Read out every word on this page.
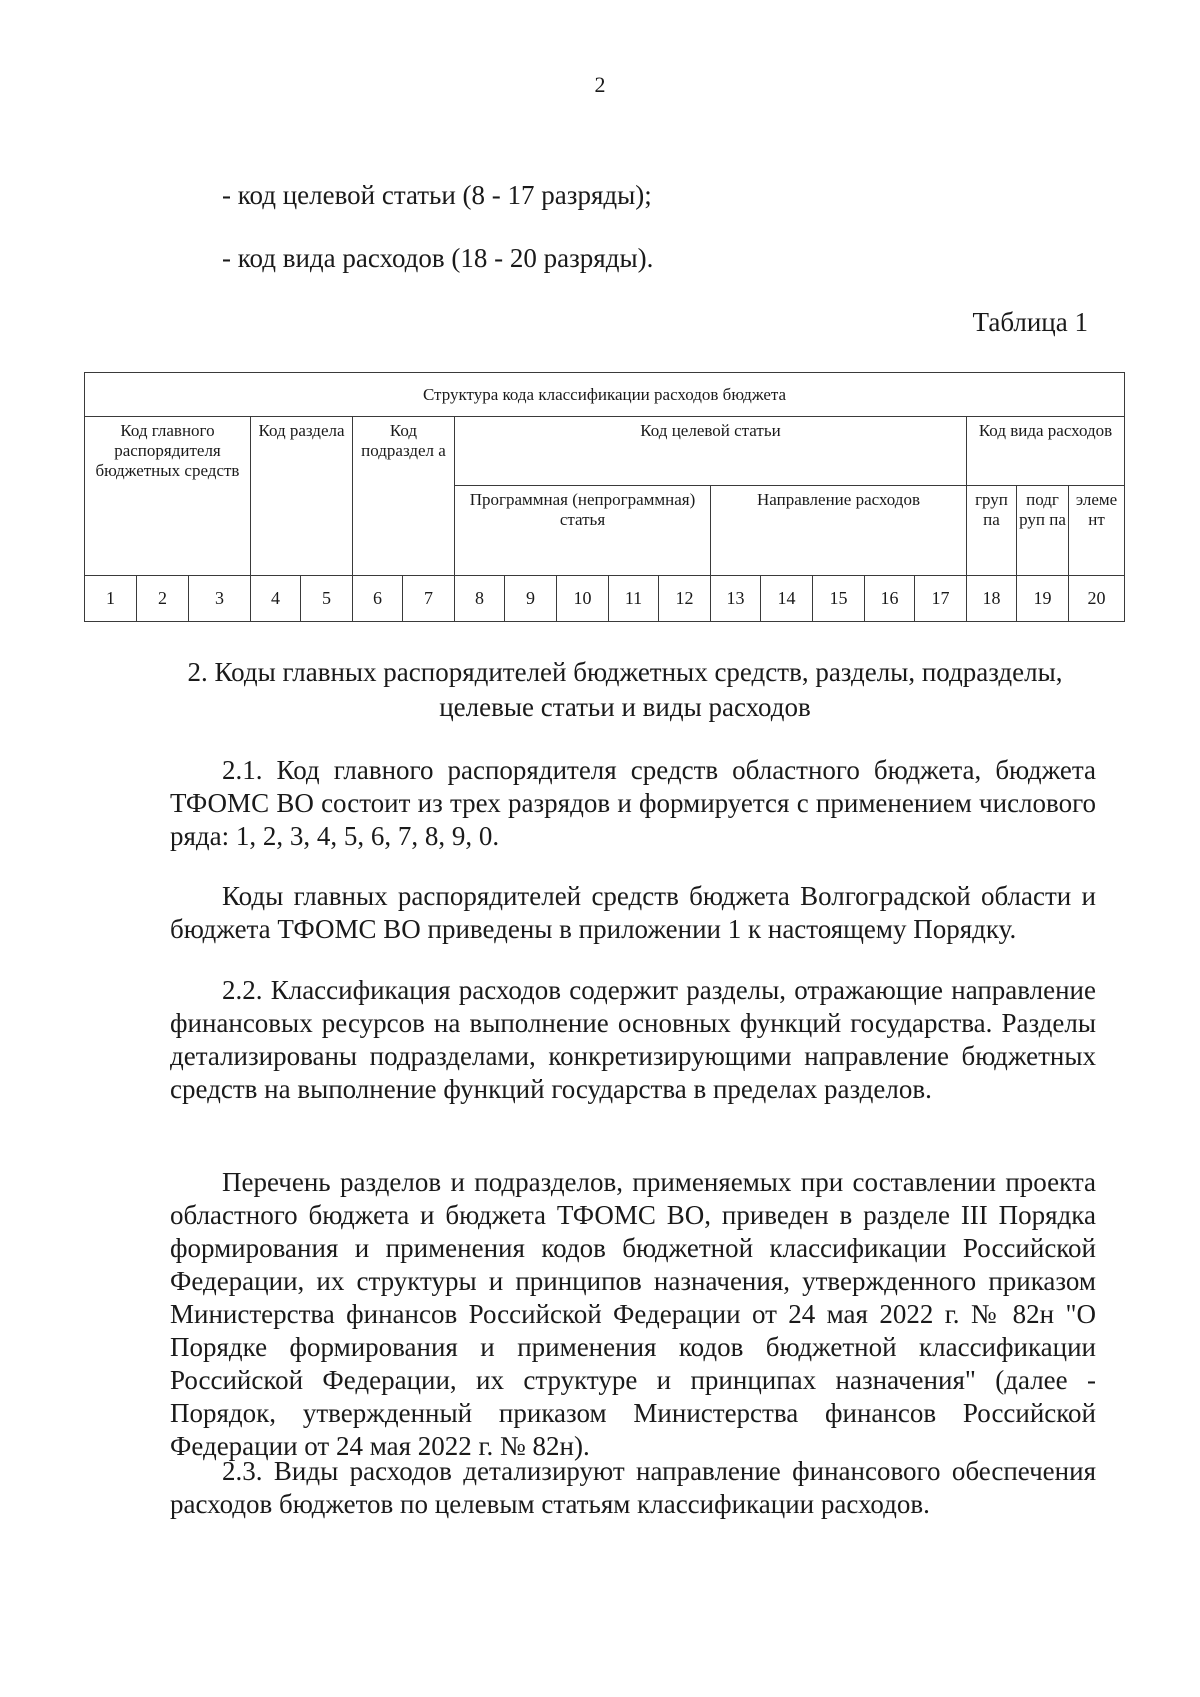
2
- код целевой статьи (8 - 17 разряды);
- код вида расходов (18 - 20 разряды).
Таблица 1
Структура кода классификации расходов бюджета																			
Код главного распорядителя бюджетных средств			Код раздела		Код подраздел а		Код целевой статьи										Код вида расходов		
							Программная (непрограммная) статья					Направление расходов					груп па	подг руп па	элеме нт
1	2	3	4	5	6	7	8	9	10	11	12	13	14	15	16	17	18	19	20
2. Коды главных распорядителей бюджетных средств, разделы, подразделы, целевые статьи и виды расходов

2.1. Код главного распорядителя средств областного бюджета, бюджета ТФОМС ВО состоит из трех разрядов и формируется с применением числового ряда: 1, 2, 3, 4, 5, 6, 7, 8, 9, 0.

Коды главных распорядителей средств бюджета Волгоградской области и бюджета ТФОМС ВО приведены в приложении 1 к настоящему Порядку.

2.2. Классификация расходов содержит разделы, отражающие направление финансовых ресурсов на выполнение основных функций государства. Разделы детализированы подразделами, конкретизирующими направление бюджетных средств на выполнение функций государства в пределах разделов.

Перечень разделов и подразделов, применяемых при составлении проекта областного бюджета и бюджета ТФОМС ВО, приведен в разделе III Порядка формирования и применения кодов бюджетной классификации Российской Федерации, их структуры и принципов назначения, утвержденного приказом Министерства финансов Российской Федерации от 24 мая 2022 г. № 82н "О Порядке формирования и применения кодов бюджетной классификации Российской Федерации, их структуре и принципах назначения" (далее - Порядок, утвержденный приказом Министерства финансов Российской Федерации от 24 мая 2022 г. № 82н).

2.3. Виды расходов детализируют направление финансового обеспечения расходов бюджетов по целевым статьям классификации расходов.
